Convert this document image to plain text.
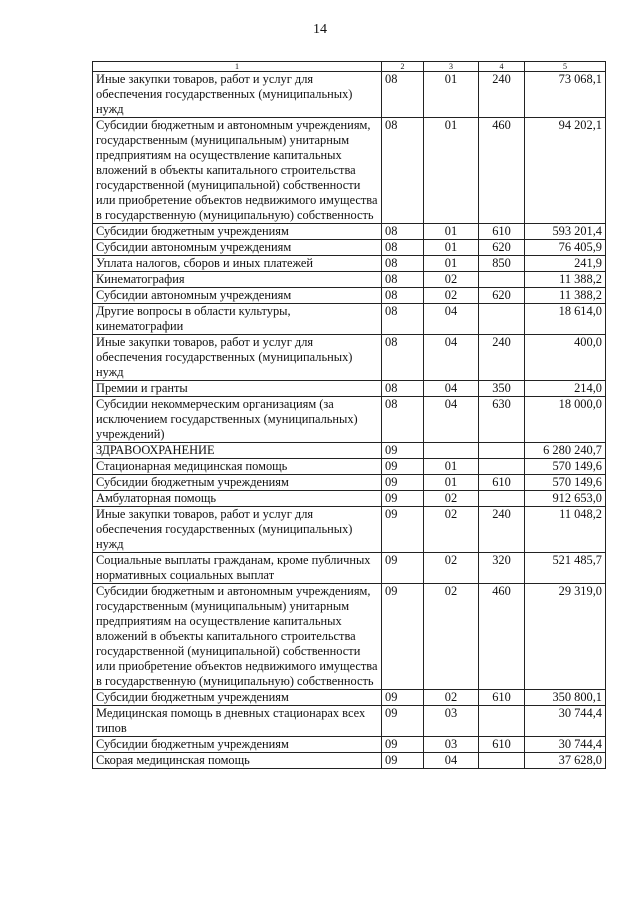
14
1	2	3	4	5
Иные закупки товаров, работ и услуг для обеспечения государственных (муниципальных) нужд	08	01	240	73 068,1
Субсидии бюджетным и автономным учреждениям, государственным (муниципальным) унитарным предприятиям на осуществление капитальных вложений в объекты капитального строительства государственной (муниципальной) собственности или приобретение объектов недвижимого имущества в государственную (муниципальную) собственность	08	01	460	94 202,1
Субсидии бюджетным учреждениям	08	01	610	593 201,4
Субсидии автономным учреждениям	08	01	620	76 405,9
Уплата налогов, сборов и иных платежей	08	01	850	241,9
Кинематография	08	02		11 388,2
Субсидии автономным учреждениям	08	02	620	11 388,2
Другие вопросы в области культуры, кинематографии	08	04		18 614,0
Иные закупки товаров, работ и услуг для обеспечения государственных (муниципальных) нужд	08	04	240	400,0
Премии и гранты	08	04	350	214,0
Субсидии некоммерческим организациям (за исключением государственных (муниципальных) учреждений)	08	04	630	18 000,0
ЗДРАВООХРАНЕНИЕ	09			6 280 240,7
Стационарная медицинская помощь	09	01		570 149,6
Субсидии бюджетным учреждениям	09	01	610	570 149,6
Амбулаторная помощь	09	02		912 653,0
Иные закупки товаров, работ и услуг для обеспечения государственных (муниципальных) нужд	09	02	240	11 048,2
Социальные выплаты гражданам, кроме публичных нормативных социальных выплат	09	02	320	521 485,7
Субсидии бюджетным и автономным учреждениям, государственным (муниципальным) унитарным предприятиям на осуществление капитальных вложений в объекты капитального строительства государственной (муниципальной) собственности или приобретение объектов недвижимого имущества в государственную (муниципальную) собственность	09	02	460	29 319,0
Субсидии бюджетным учреждениям	09	02	610	350 800,1
Медицинская помощь в дневных стационарах всех типов	09	03		30 744,4
Субсидии бюджетным учреждениям	09	03	610	30 744,4
Скорая медицинская помощь	09	04		37 628,0
